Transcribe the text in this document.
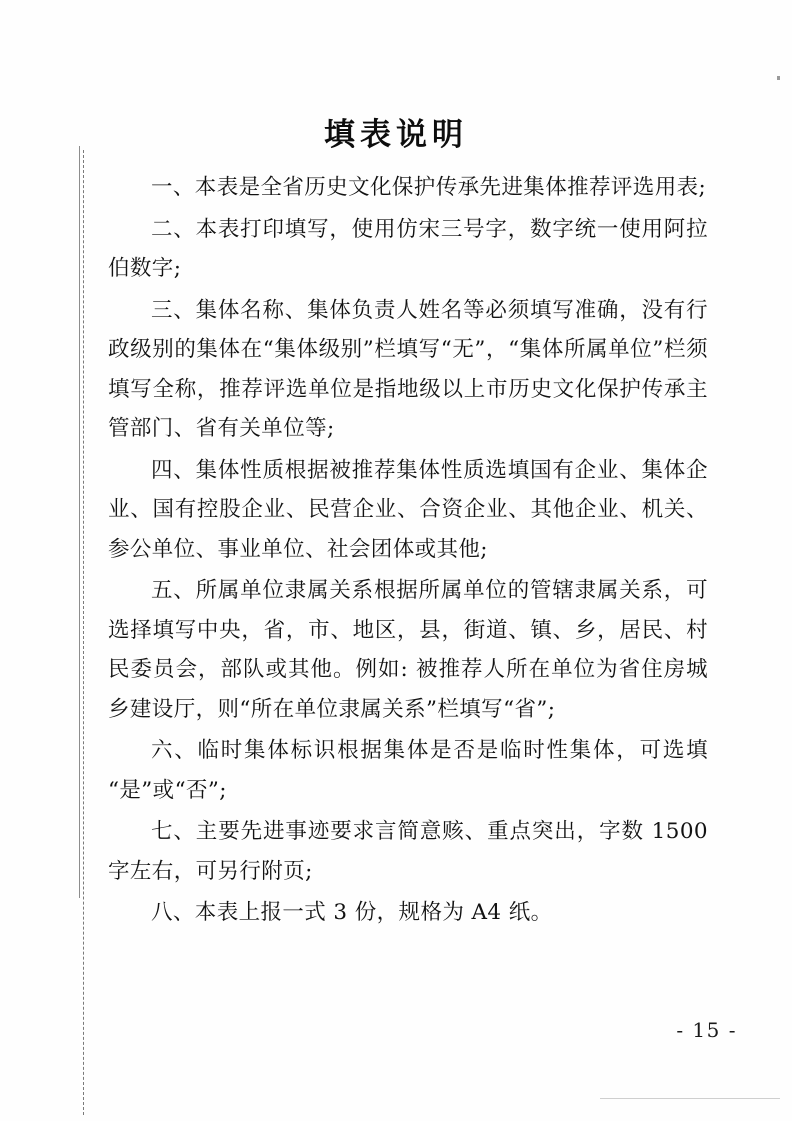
填表说明

一、本表是全省历史文化保护传承先进集体推荐评选用表;

二、本表打印填写，使用仿宋三号字，数字统一使用阿拉伯数字;

三、集体名称、集体负责人姓名等必须填写准确，没有行政级别的集体在“集体级别”栏填写“无”，“集体所属单位”栏须填写全称，推荐评选单位是指地级以上市历史文化保护传承主管部门、省有关单位等;

四、集体性质根据被推荐集体性质选填国有企业、集体企业、国有控股企业、民营企业、合资企业、其他企业、机关、参公单位、事业单位、社会团体或其他;

五、所属单位隶属关系根据所属单位的管辖隶属关系，可选择填写中央，省，市、地区，县，街道、镇、乡，居民、村民委员会，部队或其他。例如: 被推荐人所在单位为省住房城乡建设厅，则“所在单位隶属关系”栏填写“省”;

六、临时集体标识根据集体是否是临时性集体，可选填“是”或“否”;

七、主要先进事迹要求言简意赅、重点突出，字数 1500 字左右，可另行附页;

八、本表上报一式 3 份，规格为 A4 纸。

- 15 -
